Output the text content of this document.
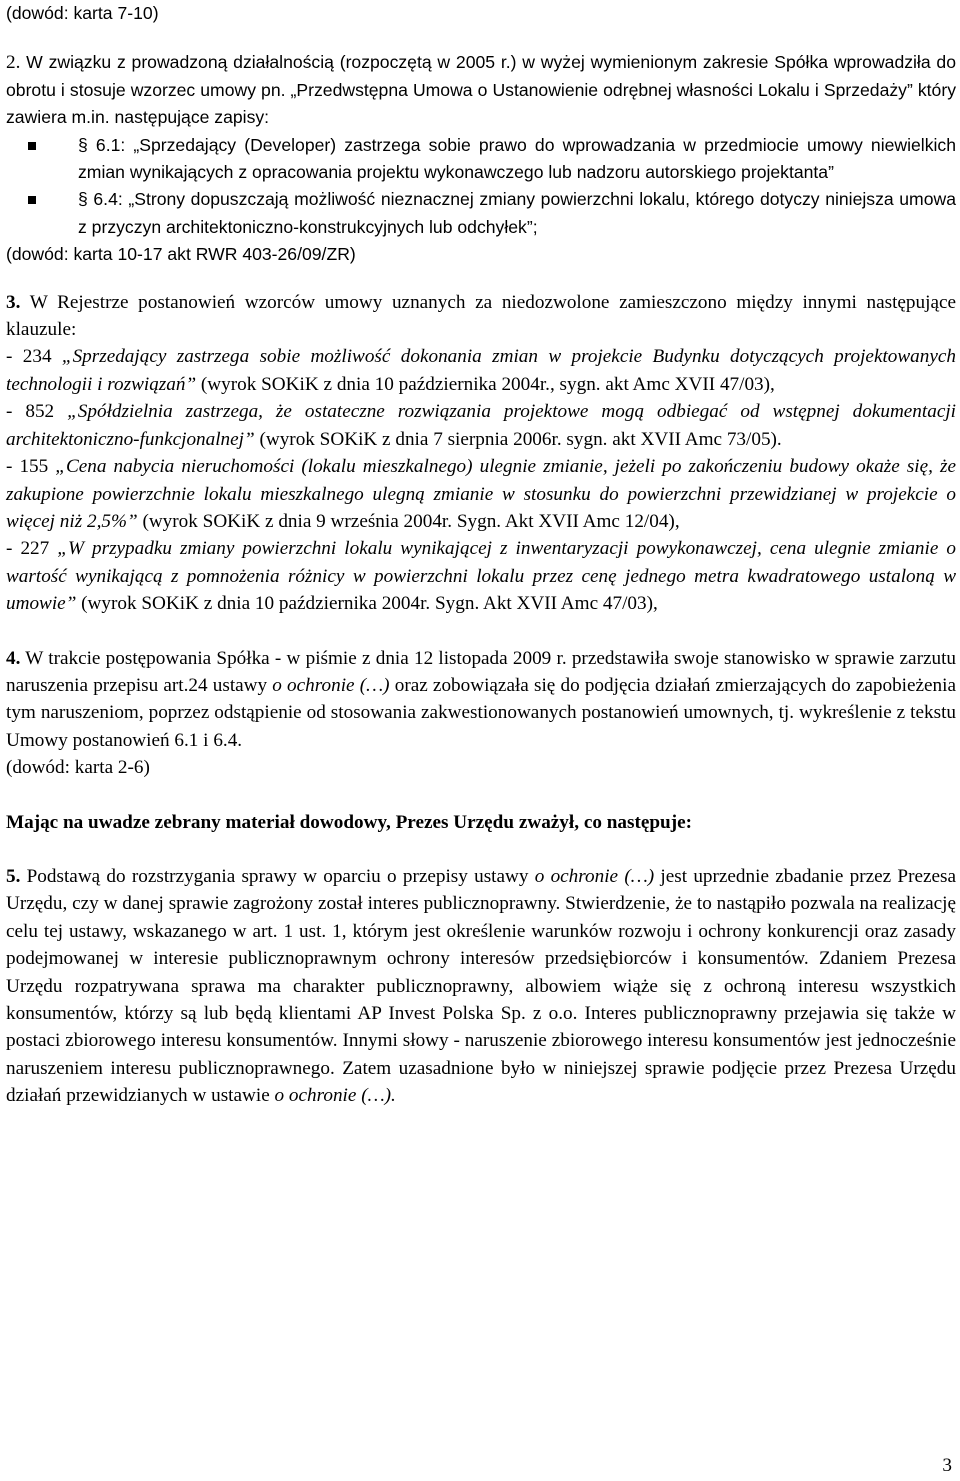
(dowód: karta 7-10)

2. W związku z prowadzoną działalnością (rozpoczętą w 2005 r.) w wyżej wymienionym zakresie Spółka wprowadziła do obrotu i stosuje wzorzec umowy pn. „Przedwstępna Umowa o Ustanowienie odrębnej własności Lokalu i Sprzedaży” który zawiera m.in. następujące zapisy:

§ 6.1: „Sprzedający (Developer) zastrzega sobie prawo do wprowadzania w przedmiocie umowy niewielkich zmian wynikających z opracowania projektu wykonawczego lub nadzoru autorskiego projektanta”
§ 6.4: „Strony dopuszczają możliwość nieznacznej zmiany powierzchni lokalu, którego dotyczy niniejsza umowa z przyczyn architektoniczno-konstrukcyjnych lub odchyłek”;

(dowód: karta 10-17 akt RWR 403-26/09/ZR)

3. W Rejestrze postanowień wzorców umowy uznanych za niedozwolone zamieszczono między innymi następujące klauzule:

- 234 „Sprzedający zastrzega sobie możliwość dokonania zmian w projekcie Budynku dotyczących projektowanych technologii i rozwiązań” (wyrok SOKiK z dnia 10 października 2004r., sygn. akt Amc XVII 47/03),

- 852 „Spółdzielnia zastrzega, że ostateczne rozwiązania projektowe mogą odbiegać od wstępnej dokumentacji architektoniczno-funkcjonalnej” (wyrok SOKiK z dnia 7 sierpnia 2006r. sygn. akt XVII Amc 73/05).

- 155 „Cena nabycia nieruchomości (lokalu mieszkalnego) ulegnie zmianie, jeżeli po zakończeniu budowy okaże się, że zakupione powierzchnie lokalu mieszkalnego ulegną zmianie w stosunku do powierzchni przewidzianej w projekcie o więcej niż 2,5%” (wyrok SOKiK z dnia 9 września 2004r. Sygn. Akt XVII Amc 12/04),

- 227 „W przypadku zmiany powierzchni lokalu wynikającej z inwentaryzacji powykonawczej, cena ulegnie zmianie o wartość wynikającą z pomnożenia różnicy w powierzchni lokalu przez cenę jednego metra kwadratowego ustaloną w umowie” (wyrok SOKiK z dnia 10 października 2004r. Sygn. Akt XVII Amc 47/03),

4. W trakcie postępowania Spółka - w piśmie z dnia 12 listopada 2009 r. przedstawiła swoje stanowisko w sprawie zarzutu naruszenia przepisu art.24 ustawy o ochronie (…) oraz zobowiązała się do podjęcia działań zmierzających do zapobieżenia tym naruszeniom, poprzez odstąpienie od stosowania zakwestionowanych postanowień umownych, tj. wykreślenie z tekstu Umowy postanowień 6.1 i 6.4.

(dowód: karta 2-6)

Mając na uwadze zebrany materiał dowodowy, Prezes Urzędu zważył, co następuje:

5. Podstawą do rozstrzygania sprawy w oparciu o przepisy ustawy o ochronie (…) jest uprzednie zbadanie przez Prezesa Urzędu, czy w danej sprawie zagrożony został interes publicznoprawny. Stwierdzenie, że to nastąpiło pozwala na realizację celu tej ustawy, wskazanego w art. 1 ust. 1, którym jest określenie warunków rozwoju i ochrony konkurencji oraz zasady podejmowanej w interesie publicznoprawnym ochrony interesów przedsiębiorców i konsumentów. Zdaniem Prezesa Urzędu rozpatrywana sprawa ma charakter publicznoprawny, albowiem wiąże się z ochroną interesu wszystkich konsumentów, którzy są lub będą klientami AP Invest Polska Sp. z o.o. Interes publicznoprawny przejawia się także w postaci zbiorowego interesu konsumentów. Innymi słowy - naruszenie zbiorowego interesu konsumentów jest jednocześnie naruszeniem interesu publicznoprawnego. Zatem uzasadnione było w niniejszej sprawie podjęcie przez Prezesa Urzędu działań przewidzianych w ustawie o ochronie (…).

3
